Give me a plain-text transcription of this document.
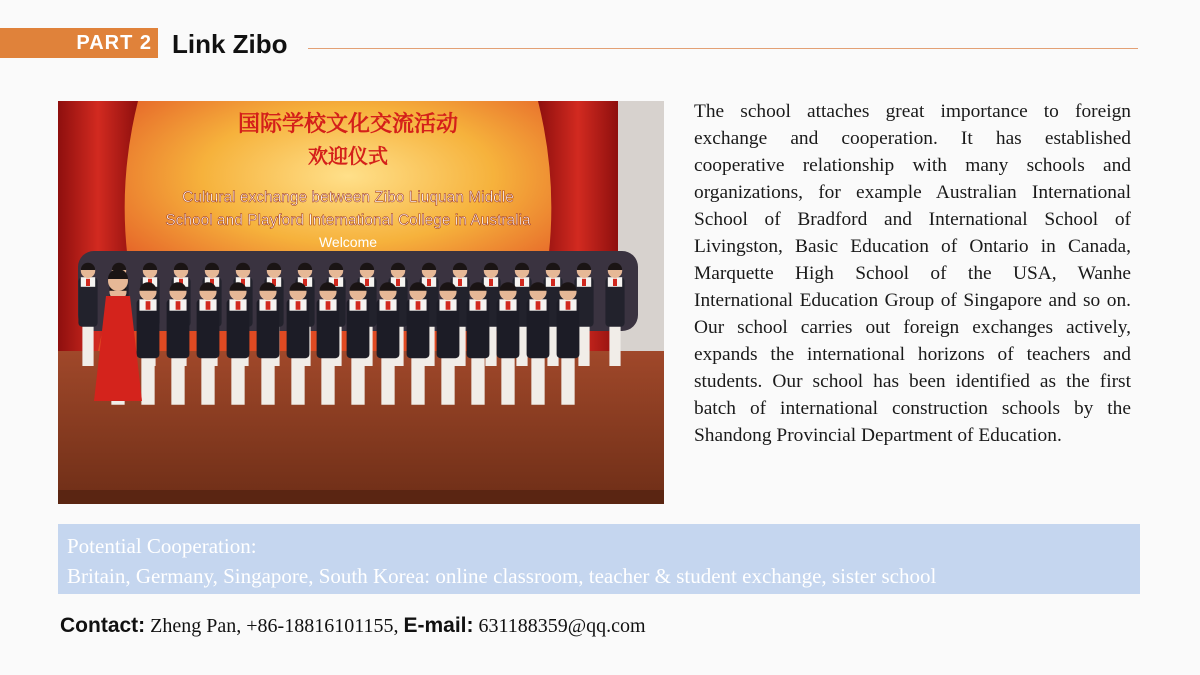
PART 2 Link Zibo
国际学校文化交流活动
欢迎仪式
Cultural exchange between Zibo Liuquan Middle
School and Playford International College in Australia
Welcome

The school attaches great importance to foreign exchange and cooperation. It has established cooperative relationship with many schools and organizations, for example Australian International School of Bradford and International School of Livingston, Basic Education of Ontario in Canada, Marquette High School of the USA, Wanhe International Education Group of Singapore and so on. Our school carries out foreign exchanges actively, expands the international horizons of teachers and students. Our school has been identified as the first batch of international construction schools by the Shandong Provincial Department of Education.

Potential Cooperation:
Britain, Germany, Singapore, South Korea: online classroom, teacher & student exchange, sister school
Contact: Zheng Pan, +86-18816101155, E-mail: 631188359@qq.com
